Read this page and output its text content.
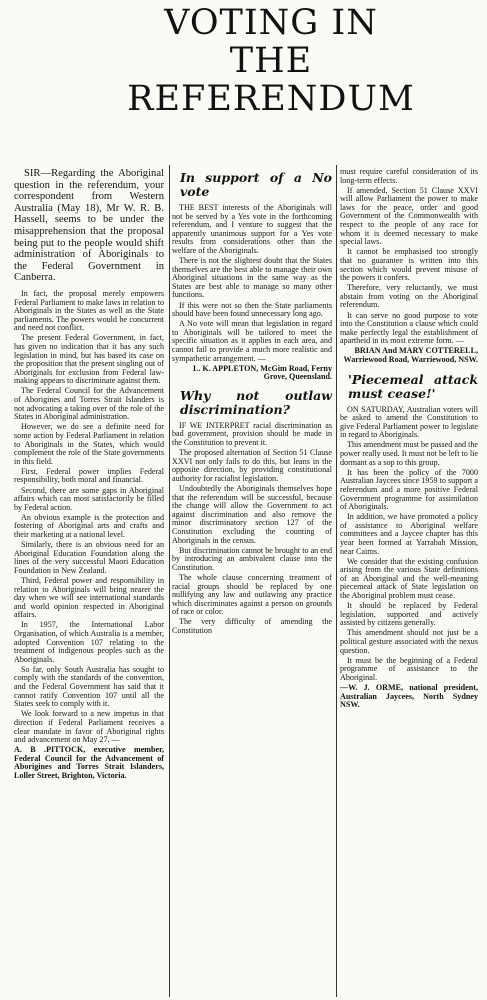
VOTING IN
THE
REFERENDUM

SIR—Regarding the Aboriginal question in the referendum, your correspondent from Western Australia (May 18), Mr W. R. B. Hassell, seems to be under the misapprehension that the proposal being put to the people would shift administration of Aboriginals to the Federal Government in Canberra.

In fact, the proposal merely empowers Federal Parliament to make laws in relation to Aboriginals in the States as well as the State parliaments. The powers would be concurrent and need not conflict.

The present Federal Government, in fact, has given no indication that it has any such legislation in mind, but has based its case on the proposition that the present singling out of Aboriginals for exclusion from Federal law-making appears to discriminate against them.

The Federal Council for the Advancement of Aborigines and Torres Strait Islanders is not advocating a taking over of the role of the States in Aboriginal administration.

However, we do see a definite need for some action by Federal Parliament in relation to Aboriginals in the States, which would complement the role of the State governments in this field.

First, Federal power implies Federal responsibility, both moral and financial.

Second, there are some gaps in Aboriginal affairs which can most satisfactorily be filled by Federal action.

An obvious example is the protection and fostering of Aboriginal arts and crafts and their marketing at a national level.

Similarly, there is an obvious need for an Aboriginal Education Foundation along the lines of the very successful Maori Education Foundation in New Zealand.

Third, Federal power and responsibility in relation to Aboriginals will bring nearer the day when we will see international standards and world opinion respected in Aboriginal affairs.

In 1957, the International Labor Organisation, of which Australia is a member, adopted Convention 107 relating to the treatment of indigenous peoples such as the Aboriginals.

So far, only South Australia has sought to comply with the standards of the convention, and the Federal Government has said that it cannot ratify Convention 107 until all the States seek to comply with it.

We look forward to a new impetus in that direction if Federal Parliament receives a clear mandate in favor of Aboriginal rights and advancement on May 27. —

A. B .PITTOCK, executive member, Federal Council for the Advancement of Aborigines and Torres Strait Islanders, Loller Street, Brighton, Victoria.

In support of a No vote

THE BEST interests of the Aboriginals will not be served by a Yes vote in the forthcoming referendum, and I venture to suggest that the apparently unanimous support for a Yes vote results from considerations other than the welfare of the Aboriginals.

There is not the slightest doubt that the States themselves are the best able to manage their own Aboriginal situations in the same way as the States are best able to manage so many other functions.

If this were not so then the State parliaments should have been found unnecessary long ago.

A No vote will mean that legislation in regard to Aboriginals will be tailored to meet the specific situation as it applies in each area, and cannot fail to provide a much more realistic and sympathetic arrangement. —

L. K. APPLETON, McGim Road, Ferny Grove, Queensland.

Why not outlaw discrimination?

IF WE INTERPRET racial discrimination as bad government, provision should be made in the Constitution to prevent it.

The proposed alternation of Section 51 Clause XXVI not only fails to do this, but leans in the opposite direction, by providing constitutional authority for racialist legislation.

Undoubtedly the Aboriginals themselves hope that the referendum will be successful, because the change will allow the Government to act against discrimination and also remove the minor discriminatory section 127 of the Constitution excluding the counting of Aboriginals in the census.

But discrimination cannot be brought to an end by introducing an ambivalent clause into the Constitution.

The whole clause concerning treatment of racial groups should be replaced by one nullifying any law and outlawing any practice which discriminates against a person on grounds of race or color.

The very difficulty of amending the Constitution

must require careful consideration of its long-term effects.

If amended, Section 51 Clause XXVI will allow Parliament the power to make laws for the peace, order and good Government of the Commonwealth with respect to the people of any race for whom it is deemed necessary to make special laws.

It cannot be emphasised too strongly that no guarantee is written into this section which would prevent misuse of the powers it confers.

Therefore, very reluctantly, we must abstain from voting on the Aboriginal referendum.

It can serve no good purpose to vote into the Constitution a clause which could make perfectly legal the establishment of apartheid in its most extreme form. —

BRIAN And MARY COTTERELL, Warriewood Road, Warriewood, NSW.

'Piecemeal attack must cease!'

ON SATURDAY, Australian voters will be asked to amend the Constitution to give Federal Parliament power to legislate in regard to Aboriginals.

This amendment must be passed and the power really used. It must not be left to lie dormant as a sop to this group.

It has been the policy of the 7000 Australian Jaycees since 1959 to support a referendum and a more positive Federal Government programme for assimilation of Aboriginals.

In addition, we have promoted a policy of assistance to Aboriginal welfare committees and a Jaycee chapter has this year been formed at Yarrabah Mission, near Cairns.

We consider that the existing confusion arising from the various State definitions of an Aboriginal and the well-meaning piecemeal attack of State legislation on the Aboriginal problem must cease.

It should be replaced by Federal legislation, supported and actively assisted by citizens generally.

This amendment should not just be a political gesture associated with the nexus question.

It must be the beginning of a Federal programme of assistance to the Aboriginal.

—W. J. ORME, national president, Australian Jaycees, North Sydney NSW.
